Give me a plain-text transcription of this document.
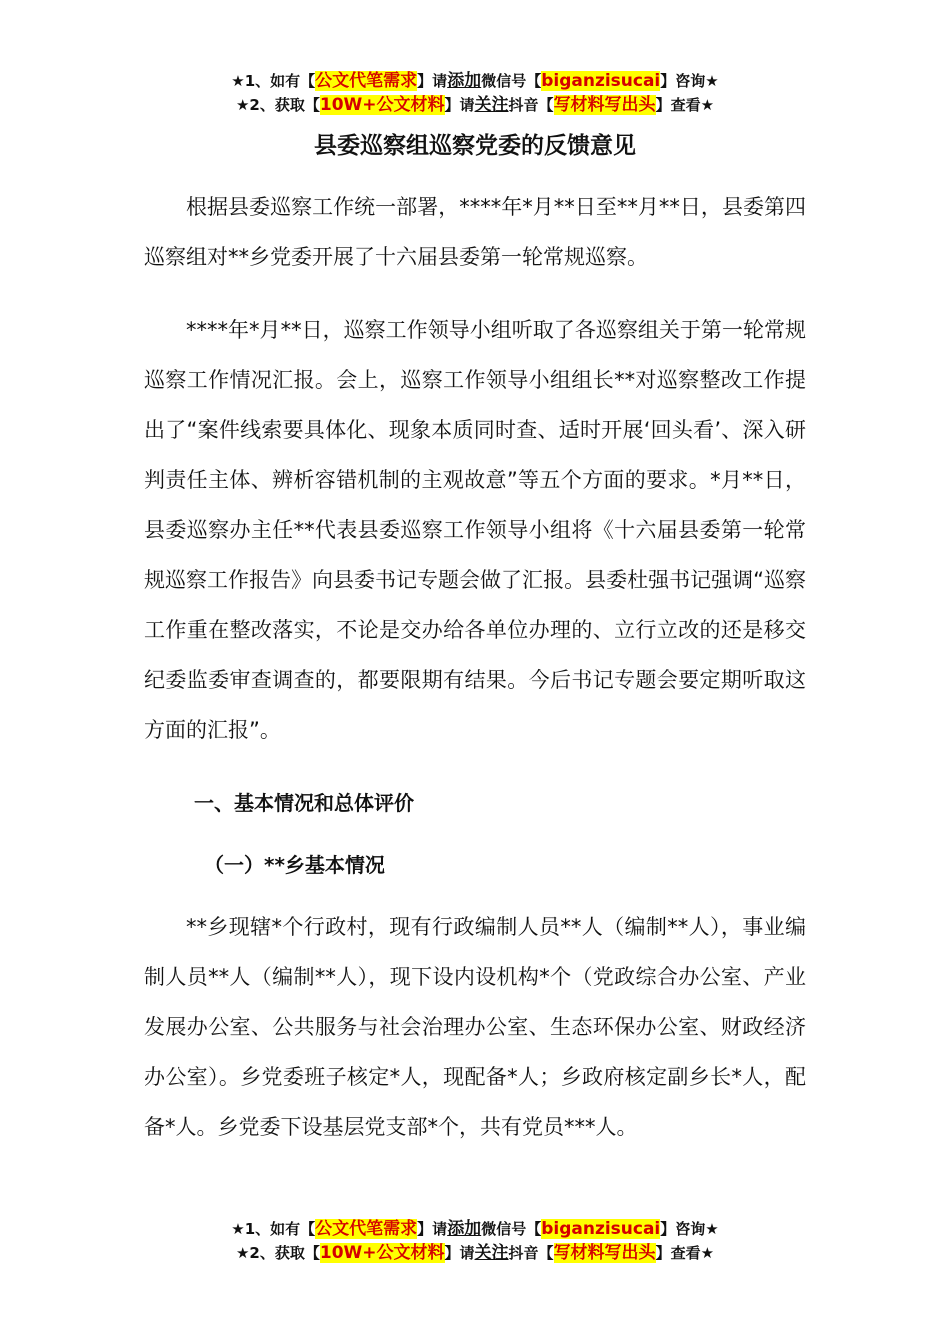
★1、如有【公文代笔需求】请添加微信号【biganzisucai】咨询★
★2、获取【10W+公文材料】请关注抖音【写材料写出头】查看★
县委巡察组巡察党委的反馈意见

根据县委巡察工作统一部署，****年*月**日至**月**日，县委第四巡察组对**乡党委开展了十六届县委第一轮常规巡察。

****年*月**日，巡察工作领导小组听取了各巡察组关于第一轮常规巡察工作情况汇报。会上，巡察工作领导小组组长**对巡察整改工作提出了“案件线索要具体化、现象本质同时查、适时开展‘回头看’、深入研判责任主体、辨析容错机制的主观故意”等五个方面的要求。*月**日，县委巡察办主任**代表县委巡察工作领导小组将《十六届县委第一轮常规巡察工作报告》向县委书记专题会做了汇报。县委杜强书记强调“巡察工作重在整改落实，不论是交办给各单位办理的、立行立改的还是移交纪委监委审查调查的，都要限期有结果。今后书记专题会要定期听取这方面的汇报”。

一、基本情况和总体评价
（一）**乡基本情况

**乡现辖*个行政村，现有行政编制人员**人（编制**人），事业编制人员**人（编制**人），现下设内设机构*个（党政综合办公室、产业发展办公室、公共服务与社会治理办公室、生态环保办公室、财政经济办公室）。乡党委班子核定*人，现配备*人；乡政府核定副乡长*人，配备*人。乡党委下设基层党支部*个，共有党员***人。

★1、如有【公文代笔需求】请添加微信号【biganzisucai】咨询★
★2、获取【10W+公文材料】请关注抖音【写材料写出头】查看★
